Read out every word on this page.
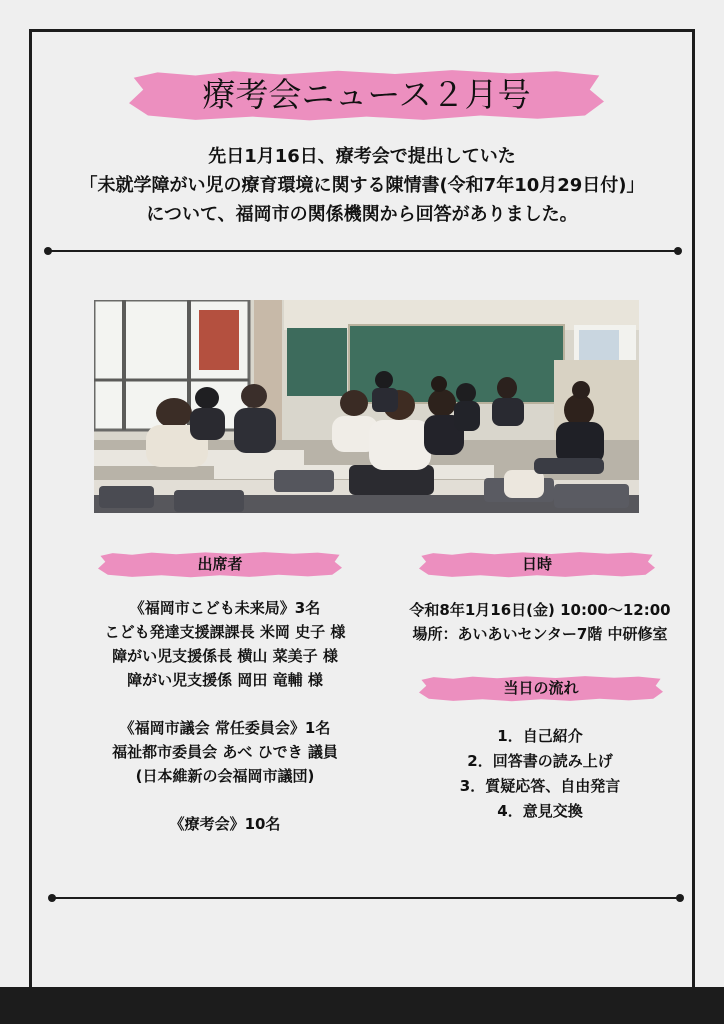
療考会ニュース２月号
先日1月16日、療考会で提出していた
「未就学障がい児の療育環境に関する陳情書(令和7年10月29日付)」
について、福岡市の関係機関から回答がありました。
出席者	日時
《福岡市こども未来局》3名
こども発達支援課課長 米岡 史子 様
障がい児支援係長 横山 菜美子 様
障がい児支援係 岡田 竜輔 様
《福岡市議会 常任委員会》1名
福祉都市委員会 あべ ひでき 議員
(日本維新の会福岡市議団)
《療考会》10名
令和8年1月16日(金) 10:00～12:00
場所：あいあいセンター7階 中研修室
当日の流れ
1．自己紹介
2．回答書の読み上げ
3．質疑応答、自由発言
4．意見交換
